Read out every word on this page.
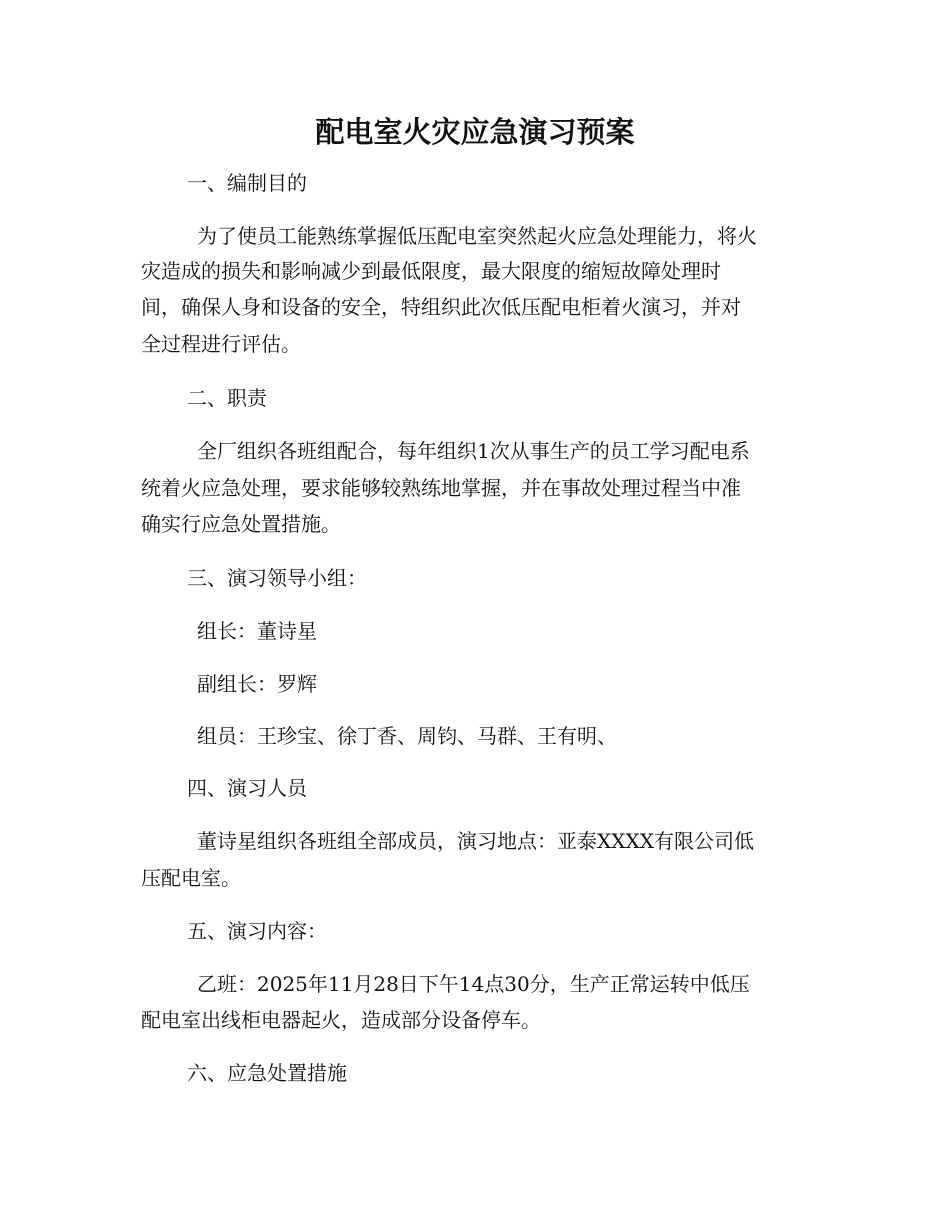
配电室火灾应急演习预案

一、编制目的

为了使员工能熟练掌握低压配电室突然起火应急处理能力，将火

灾造成的损失和影响减少到最低限度，最大限度的缩短故障处理时

间，确保人身和设备的安全，特组织此次低压配电柜着火演习，并对

全过程进行评估。

二、职责

全厂组织各班组配合，每年组织1次从事生产的员工学习配电系

统着火应急处理，要求能够较熟练地掌握，并在事故处理过程当中准

确实行应急处置措施。

三、演习领导小组：

组长：董诗星

副组长：罗辉

组员：王珍宝、徐丁香、周钧、马群、王有明、

四、演习人员

董诗星组织各班组全部成员，演习地点：亚泰XXXX有限公司低

压配电室。

五、演习内容：

乙班：2025年11月28日下午14点30分，生产正常运转中低压

配电室出线柜电器起火，造成部分设备停车。

六、应急处置措施
